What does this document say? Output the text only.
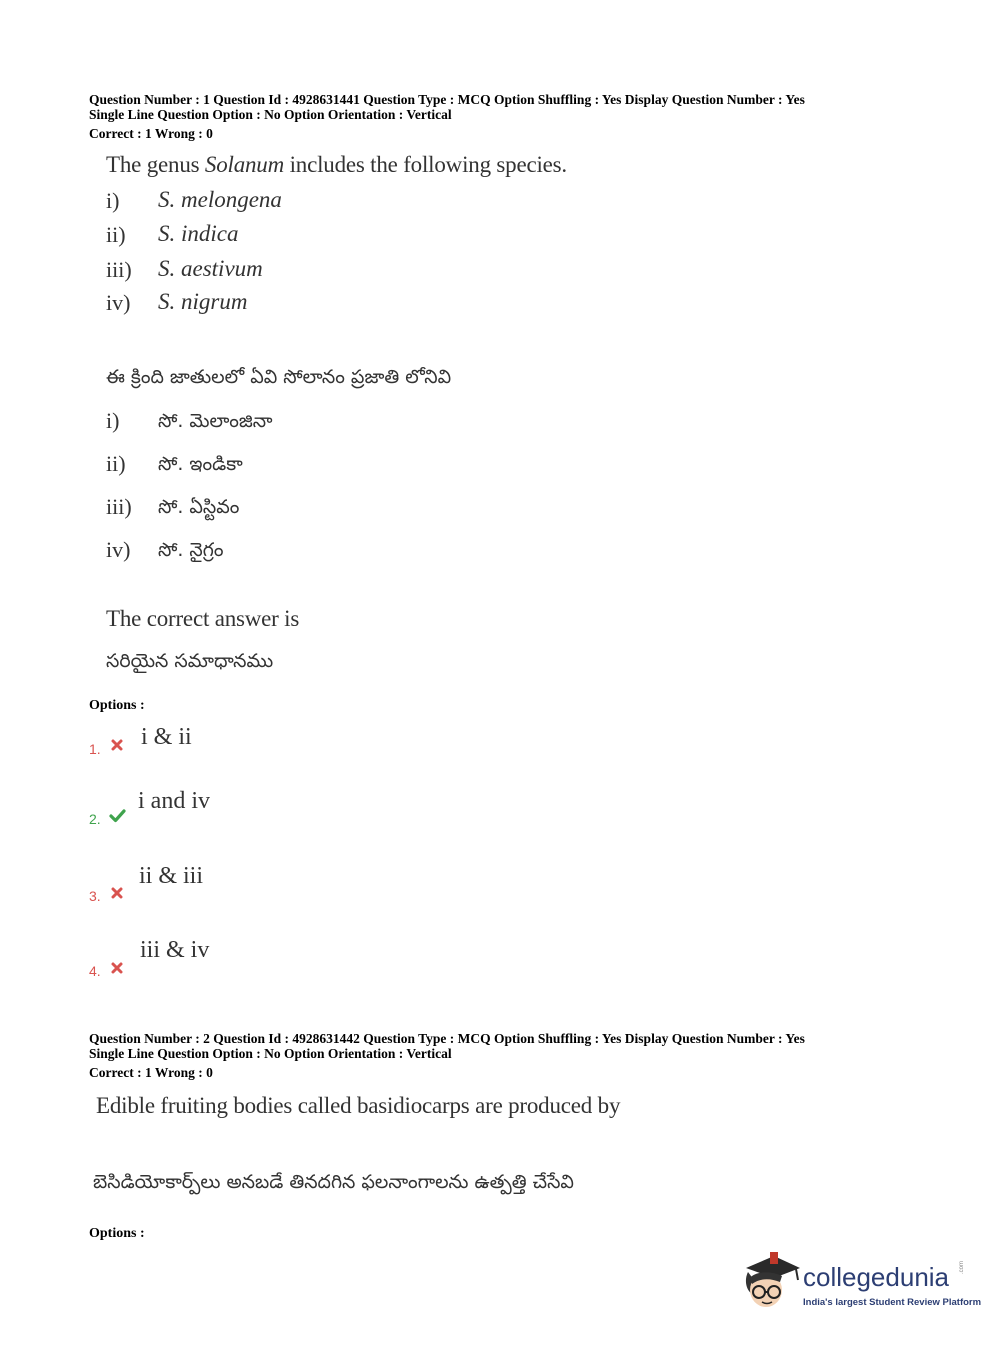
Question Number : 1 Question Id : 4928631441 Question Type : MCQ Option Shuffling : Yes Display Question Number : Yes
Single Line Question Option : No Option Orientation : Vertical
Correct : 1 Wrong : 0
The genus Solanum includes the following species.
i) S. melongena
ii) S. indica
iii) S. aestivum
iv) S. nigrum
ఈ క్రింది జాతులలో ఏవి సోలానం ప్రజాతి లోనివి
i) సో. మెలాంజినా
ii) సో. ఇండికా
iii) సో. ఏస్టివం
iv) సో. నైగ్రం
The correct answer is
సరియైన సమాధానము
Options :
1. i & ii
2.
i and iv
3.
ii & iii
4.
iii & iv
Question Number : 2 Question Id : 4928631442 Question Type : MCQ Option Shuffling : Yes Display Question Number : Yes
Single Line Question Option : No Option Orientation : Vertical
Correct : 1 Wrong : 0
Edible fruiting bodies called basidiocarps are produced by
బెసిడియోకార్ప్‌లు అనబడే తినదగిన ఫలనాంగాలను ఉత్పత్తి చేసేవి
Options :
collegedunia .com
India's largest Student Review Platform
